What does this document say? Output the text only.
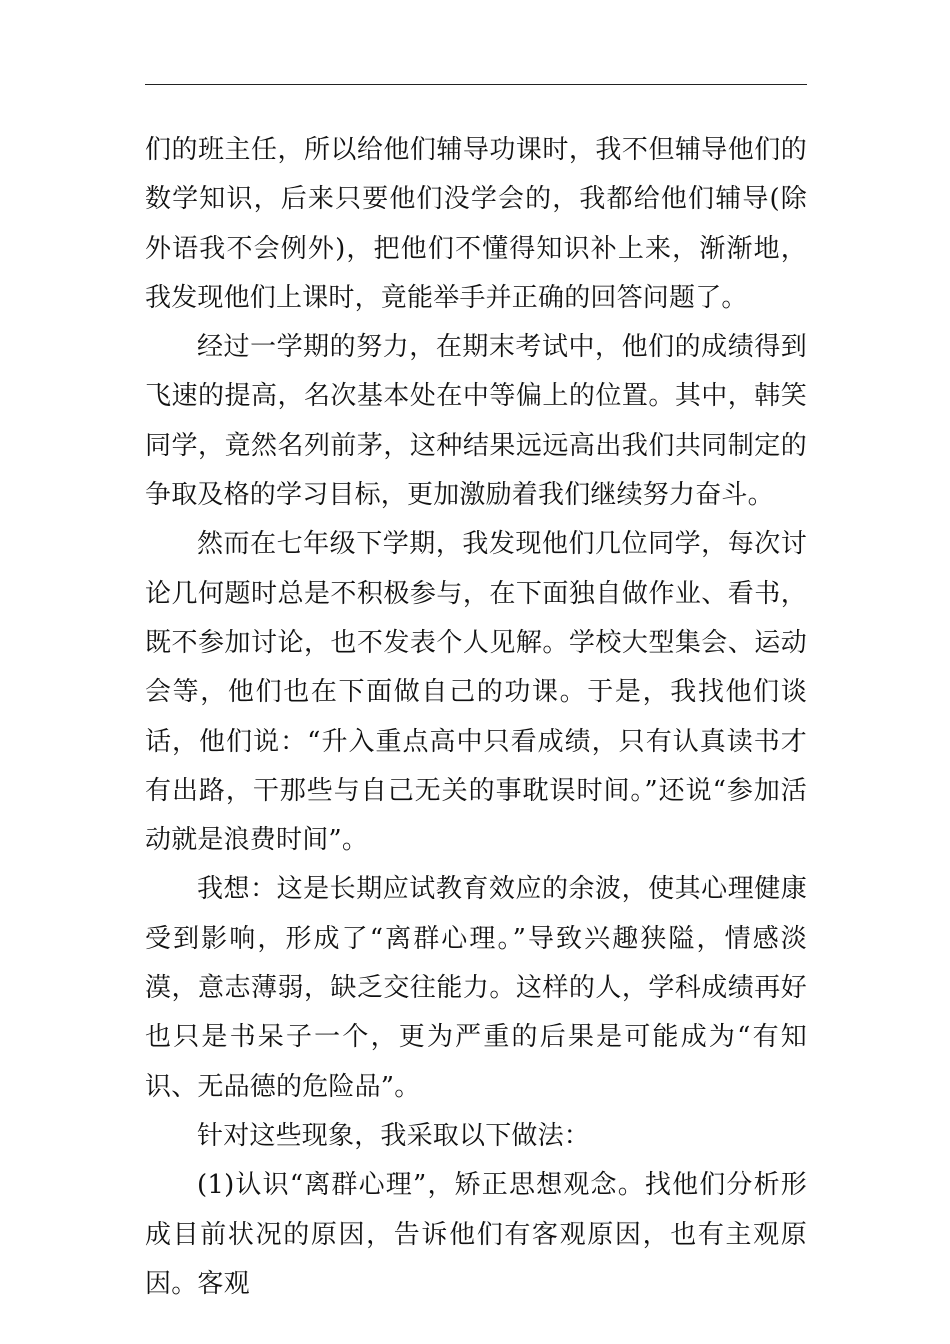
们的班主任，所以给他们辅导功课时，我不但辅导他们的数学知识，后来只要他们没学会的，我都给他们辅导(除外语我不会例外)，把他们不懂得知识补上来，渐渐地，我发现他们上课时，竟能举手并正确的回答问题了。

经过一学期的努力，在期末考试中，他们的成绩得到飞速的提高，名次基本处在中等偏上的位置。其中，韩笑同学，竟然名列前茅，这种结果远远高出我们共同制定的争取及格的学习目标，更加激励着我们继续努力奋斗。

然而在七年级下学期，我发现他们几位同学，每次讨论几何题时总是不积极参与，在下面独自做作业、看书，既不参加讨论，也不发表个人见解。学校大型集会、运动会等，他们也在下面做自己的功课。于是，我找他们谈话，他们说：“升入重点高中只看成绩，只有认真读书才有出路，干那些与自己无关的事耽误时间。”还说“参加活动就是浪费时间”。

我想：这是长期应试教育效应的余波，使其心理健康受到影响，形成了“离群心理。”导致兴趣狭隘，情感淡漠，意志薄弱，缺乏交往能力。这样的人，学科成绩再好也只是书呆子一个，更为严重的后果是可能成为“有知识、无品德的危险品”。

针对这些现象，我采取以下做法：

(1)认识“离群心理”，矫正思想观念。找他们分析形成目前状况的原因，告诉他们有客观原因，也有主观原因。客观
